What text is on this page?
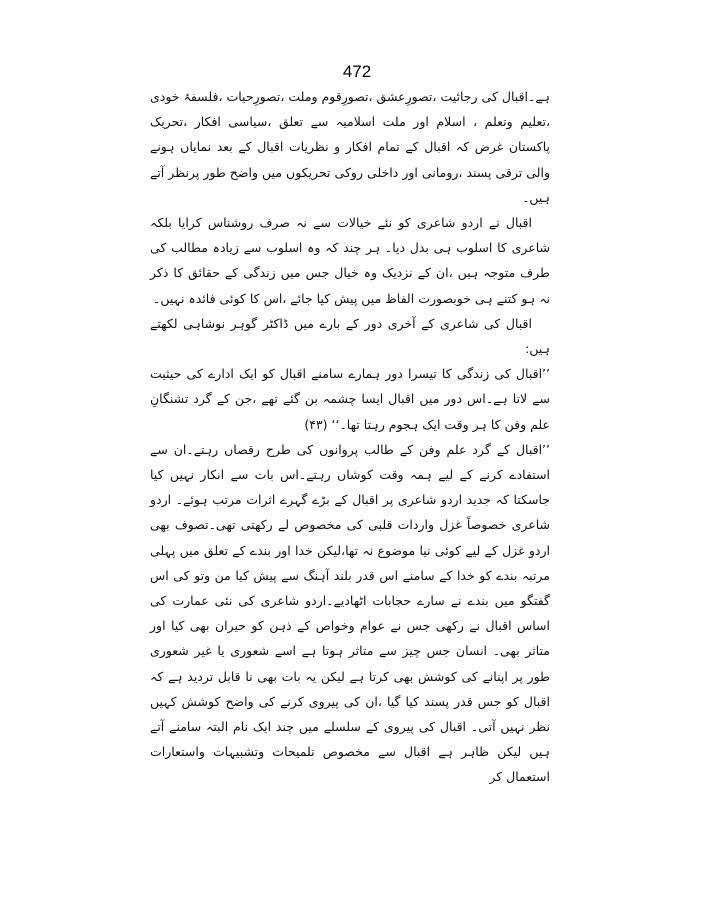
472

ہے۔اقبال کی رجائیت ،تصورِعشق ،تصورِقوم وملت ،تصورِحیات ،فلسفۂ خودی ،تعلیم وتعلم ، اسلام اور ملت اسلامیہ سے تعلق ،سیاسی افکار ،تحریک پاکستان غرض کہ اقبال کے تمام افکار و نظریات اقبال کے بعد نمایاں ہونے والی ترقی پسند ،رومانی اور داخلی روکی تحریکوں میں واضح طور پرنظر آتے ہیں۔

اقبال نے اردو شاعری کو نئے خیالات سے نہ صرف روشناس کرایا بلکہ شاعری کا اسلوب ہی بدل دیا۔ ہر چند کہ وہ اسلوب سے زیادہ مطالب کی طرف متوجہ ہیں ،ان کے نزدیک وہ خیال جس میں زندگی کے حقائق کا ذکر نہ ہو کتنے ہی خوبصورت الفاظ میں پیش کیا جائے ،اس کا کوئی فائدہ نہیں۔

اقبال کی شاعری کے آخری دور کے بارے میں ڈاکٹر گوہر نوشاہی لکھتے ہیں:

’’اقبال کی زندگی کا تیسرا دور ہمارے سامنے اقبال کو ایک ادارے کی حیثیت سے لاتا ہے۔اس دور میں اقبال ایسا چشمہ بن گئے تھے ،جن کے گرد تشنگانِ علم وفن کا ہر وقت ایک ہجوم رہتا تھا۔‘‘ (۴۳)

’’اقبال کے گرد علم وفن کے طالب پروانوں کی طرح رقصاں رہتے۔ان سے استفادے کرنے کے لیے ہمہ وقت کوشاں رہتے۔اس بات سے انکار نہیں کیا جاسکتا کہ جدید اردو شاعری پر اقبال کے بڑے گہرے اثرات مرتب ہوئے۔ اردو شاعری خصوصاً غزل واردات قلبی کی مخصوص لے رکھتی تھی۔تصوف بھی اردو غزل کے لیے کوئی نیا موضوع نہ تھا،لیکن خدا اور بندے کے تعلق میں پہلی مرتبہ بندے کو خدا کے سامنے اس قدر بلند آہنگ سے پیش کیا من وتو کی اس گفتگو میں بندے نے سارے حجابات اٹھادیے۔اردو شاعری کی نئی عمارت کی اساس اقبال نے رکھی جس نے عوام وخواص کے ذہن کو حیران بھی کیا اور متاثر بھی۔ انسان جس چیز سے متاثر ہوتا ہے اسے شعوری یا غیر شعوری طور پر اپنانے کی کوشش بھی کرتا ہے لیکن یہ بات بھی نا قابل تردید ہے کہ اقبال کو جس قدر پسند کیا گیا ،ان کی پیروی کرنے کی واضح کوشش کہیں نظر نہیں آتی۔ اقبال کی پیروی کے سلسلے میں چند ایک نام البتہ سامنے آتے ہیں لیکن ظاہر ہے اقبال سے مخصوص تلمیحات وتشبیہات واستعارات استعمال کر
